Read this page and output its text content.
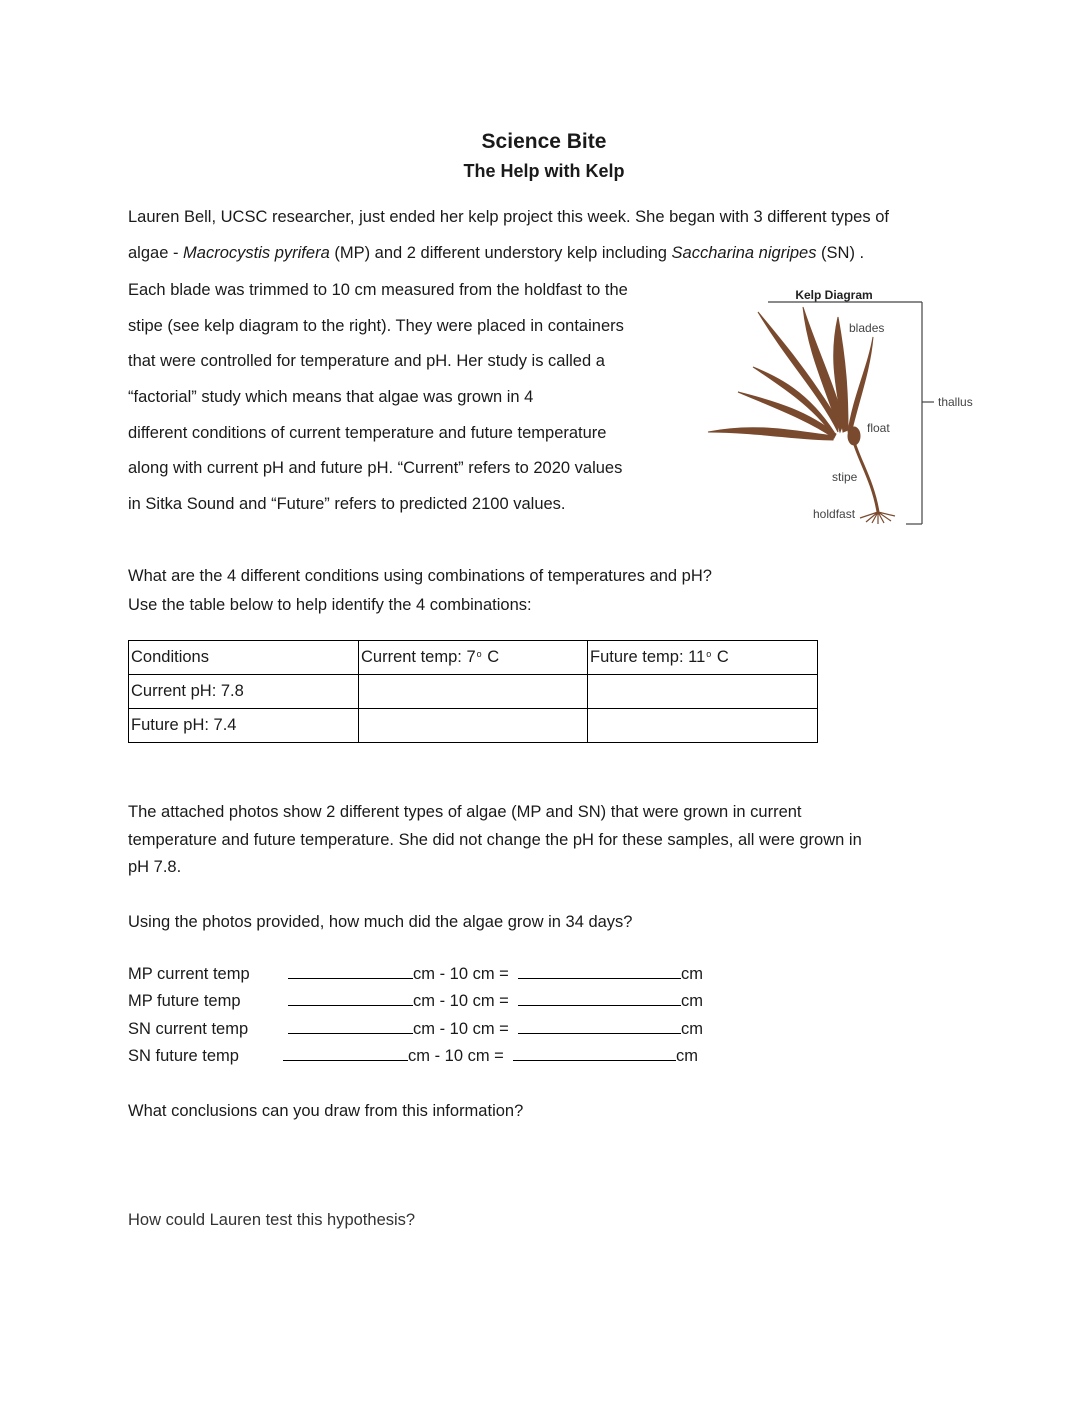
Science Bite
The Help with Kelp
Lauren Bell, UCSC researcher, just ended her kelp project this week. She began with 3 different types of
algae - Macrocystis pyrifera (MP) and 2 different understory kelp including Saccharina nigripes (SN) .
Each blade was trimmed to 10 cm measured from the holdfast to the
stipe (see kelp diagram to the right). They were placed in containers
that were controlled for temperature and pH. Her study is called a
“factorial” study which means that algae was grown in 4
different conditions of current temperature and future temperature
along with current pH and future pH. “Current” refers to 2020 values
in Sitka Sound and “Future” refers to predicted 2100 values.
Kelp Diagram
blades
thallus
float
stipe
holdfast
What are the 4 different conditions using combinations of temperatures and pH?
Use the table below to help identify the 4 combinations:
Conditions	Current temp: 7$^o$ C	Future temp: 11$^o$ C
Current pH: 7.8		
Future pH: 7.4		
The attached photos show 2 different types of algae (MP and SN) that were grown in current
temperature and future temperature. She did not change the pH for these samples, all were grown in
pH 7.8.
Using the photos provided, how much did the algae grow in 34 days?
MP current temp	cm - 10 cm =	cm
MP future temp	cm - 10 cm =	cm
SN current temp	cm - 10 cm =	cm
SN future temp	cm - 10 cm =	cm
What conclusions can you draw from this information?
How could Lauren test this hypothesis?
